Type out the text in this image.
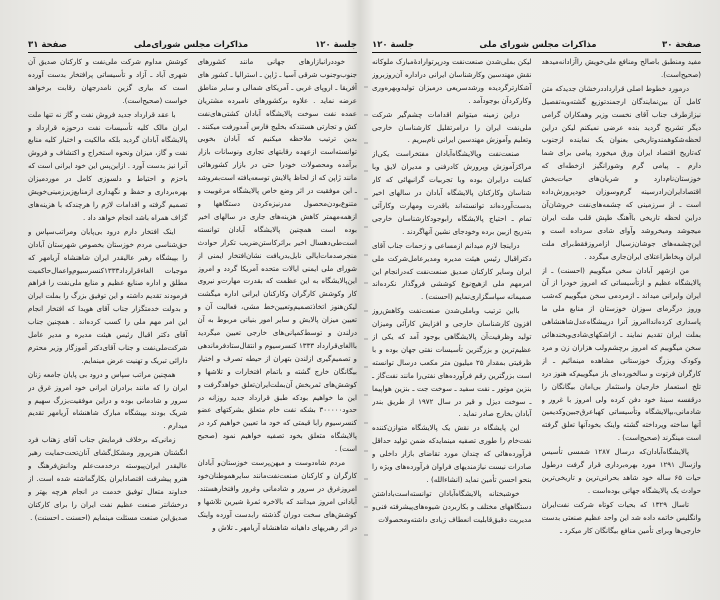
جلسة ۱۲۰
مذاکرات مجلس شورای‌ملی
صفحة ۳۱

خوددرانبازارهای جهانی مانند کشورهای جنوب‌وجنوب شرقی آسیا ـ ژاپن ـ استرالیا ـ کشور های آفریقا ـ اروپای غربی ـ آمریکای شمالی و سایر مناطق عرضه نماید . علاوه برکشورهای نامبرده مشتریان عمده نفت سوخت پالایشگاه آبادان کشتی‌های‌نفت کش و تجارتی هستندکه بخلیج فارس آمدورفت میکنند ـ بدین ترتیب ملاحظه میکنیم که آبادان بخوبی توانسته‌است ازعهده رقابتهای تجاری ونوسانات بازار برآمده ومحصولات خودرا حتی در بازار کشورهائی مانند ژاپن که از لحاظ پالایش توسعه‌یافته است‌بفروشد ـ این موفقیت در اثر وضع خاص پالایشگاه مرغوبیت و متنوع‌بودن‌محصول مدرنیزه‌کردن دستگاهها و ازهمه‌مهمتر کاهش هزینه‌های جاری در سالهای اخیر بوده است همچنین پالایشگاه آبادان توانسته است‌طی‌دهسال اخیر براثرکاستن‌ضریب تکرار حوادث منجرصدمات‌ایالی نایل‌بدریافت نشان‌افتخار ایمنی از شورای ملی ایمنی ایالات متحده آمریکا گردد و امروز این‌پالایشگاه به این عظمت که بقدرت مهارت‌و نیروی کار وکوشش کارگران وکارکنان ایرانی اداره میگشت لیکن‌هنوز اتخاذتصمیم‌وتعیین‌خط مشی، فعالیت آن و تعیین میزان پالایش و سایر امور بنیانی مربوط به آن درلندن و توسط‌کمپانی‌های خارجی تعیین میگردید باالغای‌قرارداد ۱۳۳۳ کنسرسیوم و انتقال‌ستادفرماندهی و تصمیم‌گیری ازلندن بتهران از حیطه تصرف و اختیار بیگانگان خارج گشته و باتمام افتخارات و تلاشها و کوشش‌های ثمربخش آن‌بملت‌ایران‌تعلق خواهدگرفت و این ما خواهیم بودکه طبق قرارداد جدید روزانه در حدود۳۰۰۰۰۰ بشکه نفت خام متعلق بشرکتهای عضو کنسرسیوم رابا قیمتی که خود ما تعیین خواهیم کرد در پالایشگاه متعلق بخود تصفیه خواهیم نمود (صحیح است) .

مردم شاه‌دوست و میهن‌پرست خوزستان‌و آبادان کارگران و کارکنان صنعت‌نفت‌مانند سایرهموطنان‌خود امروزغرق در سرور و شادمانی وغرور وافتخارهستند. آبادانی امروز میدانند که بالاخره ثمرهٔ شیرین تلاشها و کوشش‌های سخت دوران گذشته رابدست آورده واینک در اثر رهبریهای داهیانه شاهنشاه آریامهر ـ تلاش و

کوشش مداوم شرکت ملی‌نفت و کارکنان صدیق آن شهری آباد ـ آزاد و تأسیساتی پرافتخار بدست آورده است که بیاری گزین نامدرجهان رقابت برخواهد خواست (صحیح‌است).

با عقد قرارداد جدید فروش نفت و گاز نه تنها ملت ایران مالک کلیه تأسیسات نفت درحوزه قرارداد و پالایشگاه آبادان گردید بلکه مالکیت و اختیار کلیه منابع نفت و گاز، میزان ونحوه استخراج و اکتشاف و فروش آنرا نیز بدست آورد . ازاین‌پس این خود ایرانی است که باحزم و احتیاط و دلسوزی کامل در موردمیزان بهره‌برداری و حفظ و نگهداری ازمنابع‌زیرزمینی‌خویش تصمیم گرفته و اقدامات لازم را هرچندکه با هزینه‌های گزاف همراه باشد انجام خواهد داد .

اینک افتخار دارم درود بی‌پایان ومراتب‌سپاس و حق‌شناسی مردم خوزستان بخصوص شهرستان آبادان را بپیشگاه رهبر عالیقدر ایران شاهنشاه آریامهر که موجبات الغاءقرارداد۱۳۳۳کنسرسیوم‌واعمال‌حاکمیت مطلق و اداره صنایع عظیم و منابع ملی‌نفت را فراهم فرمودند تقدیم داشته و این توفیق بزرگ را بملت ایران و بدولت خدمتگزار جناب آقای هویدا که افتخار انجام این امر مهم ملی را کسب کرده‌اند . همچنین جناب آقای دکتر اقبال رئیس هیئت مدیره و مدیر عامل شرکت‌ملی‌نفت و جناب آقای‌دکتر آموزگار وزیر محترم دارائی تبریک و تهنیت عرض مینمایم.

همچنین مراتب سپاس و درود بی پایان جامعه زنان ایران را که مانند برادران ایرانی خود امروز غرق در سرور و شادمانی بوده و دراین موفقیت‌بزرگ سهیم و شریک بودند بپیشگاه مبارک شاهنشاه آریامهر تقدیم میدارم .

زمانی‌که برخلاف فرمایش جناب آقای زهتاب فرد انگشتان هنرپرور ومشکل‌گشای آنان‌تحت‌حمایت رهبر عالیقدر ایران‌پیوسته درخدمت‌علم ودانش‌فرهنگ و هنرو پیشرفت اقتصادایران بکارگماشته شده است. از خداوند متعال توفیق خدمت در انجام هرچه بهتر و درخشانتر صنعت عظیم نفت ایران را برای کارکنان صدیق‌این صنعت مسئلت مینمایم (احسنت ـ احسنت) .

صفحة ۳۰
مذاکرات مجلس شورای ملی
جلسة ۱۲۰

مفید ومنطبق باصالح ومنافع ملی‌خویش راآزادانه‌میدهد (صحیح‌است).

درمورد خطوط اصلی قرارداددرخشان جدیدکه متن کامل آن بین‌نمایندگان ارجمندتوزیع گشته‌وبه‌تفصیل نیزازطرف جناب آقای نخست وزیر وهمکاران گرامی دیگر تشریح گردید بنده عرضی نمیکنم لیکن دراین لحظه‌شکوهمندوتاریخی بعنوان یک نماینده ازجنوب که‌تاریخ اقتصاد ایران ورق میخورد پیامی برای شما دارم ـ پیامی گرم وشورانگیز ازخطه‌ای که خوزستان‌نام‌دارد و شریان‌های حیات‌بخش اقتصادایران‌رادرسینه گرم‌وسوزان خودپرورش‌داده است ـ از سرزمینی که چشمه‌های‌نفت خروشان‌آن دراین لحظه تاریخی باآهنگ طپش قلب ملت ایران میجوشد ومیخروشد وآوای شادی سرداده است و این‌چشمه‌های جوشان‌زسیال ازامروزفقط‌برای ملت ایران وبخاطراعتلای ایران‌جاری میگردد .

من ازشهر آبادان سخن میگوییم (احسنت) ـ از پالایشگاه عظیم و ازتأسیساتی که امروز خودرا از آن ایران وایرانی میداند ـ ازمردمی سخن میگوییم که‌شب وروز درگرمای سوزان خوزستان از منابع ملی ما پاسداری کرده‌انداامروز آنرا درپیشگاه‌عدل‌شاهنشاهی بملت ایران تقدیم نمایند ـ ازاشکهای‌شادی‌وبخندهائی سخن میگوییم که امروز برچشم‌ولب هزاران زن و مرد وکودک وبزرگ خوزستانی مشاهده مینمائیم ـ از کارگران فرتوت و سالخورده‌ای باز میگوییم‌که هنوز درد تلخ استعمار خارجیان واستثمار بی‌امان بیگانگان را درقفسه سینهٔ خود دفن کرده ولی امروز با غرور و شادمانی،بپالایشگاه وتأسیساتی کهبا‌عرق‌جبین‌وکدیمین آنها ساخته وپرداخته گشته واینک بخودآنها تعلق گرفته است مینگرند (صحیح‌است) .

پالایشگاه‌آبادان‌که درسال ۱۲۸۷ شمسی تأسیس وازسال ۱۲۹۱ مورد بهره‌برداری قرار گرفت درطول حیات ۶۵ ساله خود شاهد بحرانی‌ترین و تاریخی‌ترین حوادث یک پالایشگاه جهانی بوده‌است .

تاسال ۱۳۲۹ که بحیات کوتاه شرکت نفت‌ایران وانگلیس خاتمه داده شد این واحد عظیم صنعتی بدست خارجی‌ها وبرای تأمین منافع بیگانگان کار میکرد ـ

لیکن بملی‌شدن صنعت‌نفت ودرپرتوارادهٔ‌مبارک ملوکانه نقش مهندسین وکارشناسان ایرانی دراداره آن‌روزبروز آشکارترگردیده ورشدسریعی درمیزان تولیدوبهره‌وری وکارکردآن بوجودآمد .

دراین زمینه میتوانم اقدامات چشم‌گیر شرکت ملی‌نفت ایران را درامرتقلیل کارشناسان خارجی وتعلیم وآموزش مهندسین ایرانی نام‌ببریم .

صنعت‌نفت وپالایشگاه‌آبادان مفتخراست یکی‌از مراکزآموزش وپرورش کادرفنی و مدیران لایق وبا کفایت درایران بوده وبا تجربیات گرانبهائی که کار شناسان وکارکنان پالایشگاه آبادان در سالهای اخیر بدست‌آورده‌اند توانسته‌اند باقدرت ومهارت وکارآئی تمام ـ احتیاج پالایشگاه رابوجودکارشناسان خارجی بتدریج ازبین برده وخودجای نشین آنهاگردند .

دراینجا لازم میدانم ازمساعی و زحمات جناب آقای دکتراقبال رئیس هیئت مدیره ومدیرعامل‌شرکت ملی ایران وسایر کارکنان صدیق صنعت‌نفت که‌درانجام این امرمهم ملی ازهیچ‌نوع کوششی فروگذار نکرده‌اند صمیمانه سپاسگزاری‌نمایم (احسنت) .

بااین ترتیب وباملی‌شدن صنعت‌نفت وکاهش‌روز افزون کارشناسان خارجی و افزایش کارآئی ومیزان تولید وظرفیت‌آن پالایشگاهی بوجود آمد که یکی از عظیم‌ترین و بزرگترین تأسیسات نفتی جهان بوده و با ظرفیتی بمقدار ۲۵ میلیون متر مکعب درسال توانسته است بزرگترین رقم فرآورده‌های نفتی‌را مانند نفت‌گاز ـ بنزین موتور ـ نفت سفید ـ سوخت جت ـ بنزین هواپیما ـ سوخت دیزل و قیر در سال ۱۹۷۲ از طریق بندر آبادان بخارج صادر نماید .

این پایشگاه در نقش یک پالایشگاه متوازن‌کننده نفت‌خام را طوری تصفیه مینماید‌که ضمن تولید حداقل فرآورده‌هائی که چندان مورد تقاضای بازار داخلی و صادرات نیست نیازمندیهای فراوان فرآورده‌های ویژه را بنحو احسن تأمین نماید (انشاءالله) .

خوشبختانه پالایشگاه‌آبادان توانسته‌است‌باداشتن دستگاههای مختلف و بکاربردن شیوه‌های‌پیشرفته فنی‌و مدیریت دقیق‌قابلیت انعطاف زیادی داشته‌ومحصولات
